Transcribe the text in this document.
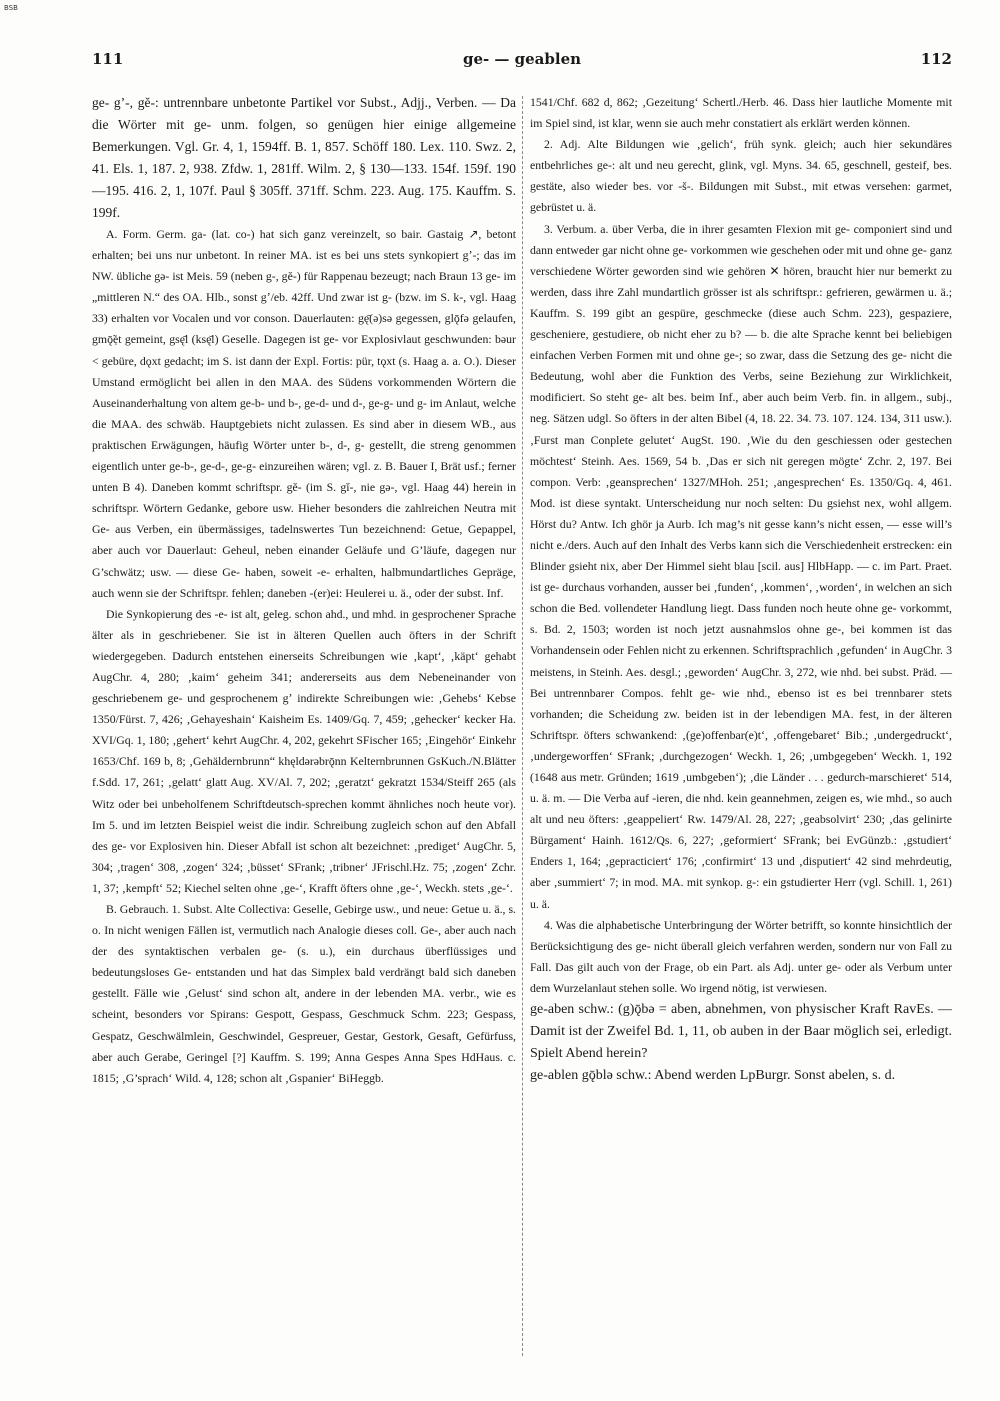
BSB
111	ge- — geablen	112

ge- gʼ-, gĕ-: untrennbare unbetonte Partikel vor Subst., Adjj., Verben. — Da die Wörter mit ge- unm. folgen, so genügen hier einige allgemeine Bemerkungen. Vgl. Gr. 4, 1, 1594ff. B. 1, 857. Schöff 180. Lex. 110. Swz. 2, 41. Els. 1, 187. 2, 938. Zfdw. 1, 281ff. Wilm. 2, § 130—133. 154f. 159f. 190—195. 416. 2, 1, 107f. Paul § 305ff. 371ff. Schm. 223. Aug. 175. Kauffm. S. 199f.

A. Form. Germ. ga- (lat. co-) hat sich ganz vereinzelt, so bair. Gastaig ↗, betont erhalten; bei uns nur unbetont. In reiner MA. ist es bei uns stets synkopiert gʼ-; das im NW. übliche gə- ist Meis. 59 (neben g-, gĕ-) für Rappenau bezeugt; nach Braun 13 ge- im „mittleren N.“ des OA. Hlb., sonst gʼ/eb. 42ff. Und zwar ist g- (bzw. im S. k-, vgl. Haag 33) erhalten vor Vocalen und vor conson. Dauerlauten: gę̄(ə)sə gegessen, glǭfə gelaufen, gmǭ̃ẹt gemeint, gsę̄l (ksę̄l) Geselle. Dagegen ist ge- vor Explosivlaut geschwunden: bəur < gebüre, dǫxt gedacht; im S. ist dann der Expl. Fortis: pür, tǫxt (s. Haag a. a. O.). Dieser Umstand ermöglicht bei allen in den MAA. des Südens vorkommenden Wörtern die Auseinanderhaltung von altem ge-b- und b-, ge-d- und d-, ge-g- und g- im Anlaut, welche die MAA. des schwäb. Hauptgebiets nicht zulassen. Es sind aber in diesem WB., aus praktischen Erwägungen, häufig Wörter unter b-, d-, g- gestellt, die streng genommen eigentlich unter ge-b-, ge-d-, ge-g- einzureihen wären; vgl. z. B. Bauer I, Brät usf.; ferner unten B 4). Daneben kommt schriftspr. gĕ- (im S. gĭ-, nie gə-, vgl. Haag 44) herein in schriftspr. Wörtern Gedanke, gebore usw. Hieher besonders die zahlreichen Neutra mit Ge- aus Verben, ein übermässiges, tadelnswertes Tun bezeichnend: Getue, Gepappel, aber auch vor Dauerlaut: Geheul, neben einander Geläufe und G’läufe, dagegen nur G’schwätz; usw. — diese Ge- haben, soweit -e- erhalten, halbmundartliches Gepräge, auch wenn sie der Schriftspr. fehlen; daneben -(er)ei: Heulerei u. ä., oder der subst. Inf.

Die Synkopierung des -e- ist alt, geleg. schon ahd., und mhd. in gesprochener Sprache älter als in geschriebener. Sie ist in älteren Quellen auch öfters in der Schrift wiedergegeben. Dadurch entstehen einerseits Schreibungen wie ‚kapt‘, ‚käpt‘ gehabt AugChr. 4, 280; ‚kaim‘ geheim 341; andererseits aus dem Nebeneinander von geschriebenem ge- und gesprochenem gʼ indirekte Schreibungen wie: ‚Gehebs‘ Kebse 1350/Fürst. 7, 426; ‚Gehayeshain‘ Kaisheim Es. 1409/Gq. 7, 459; ‚gehecker‘ kecker Ha. XVI/Gq. 1, 180; ‚gehert‘ kehrt AugChr. 4, 202, gekehrt SFischer 165; ‚Eingehör‘ Einkehr 1653/Chf. 169 b, 8; ‚Gehäldernbrunn“ khęldərəbrǭnn Kelternbrunnen GsKuch./N.Blätter f.Sdd. 17, 261; ‚gelatt‘ glatt Aug. XV/Al. 7, 202; ‚geratzt‘ gekratzt 1534/Steiff 265 (als Witz oder bei unbeholfenem Schriftdeutsch-sprechen kommt ähnliches noch heute vor). Im 5. und im letzten Beispiel weist die indir. Schreibung zugleich schon auf den Abfall des ge- vor Explosiven hin. Dieser Abfall ist schon alt bezeichnet: ‚prediget‘ AugChr. 5, 304; ‚tragen‘ 308, ‚zogen‘ 324; ‚büsset‘ SFrank; ‚tribner‘ JFrischl.Hz. 75; ‚zogen‘ Zchr. 1, 37; ‚kempft‘ 52; Kiechel selten ohne ‚ge-‘, Krafft öfters ohne ‚ge-‘, Weckh. stets ‚ge-‘.

B. Gebrauch. 1. Subst. Alte Collectiva: Geselle, Gebirge usw., und neue: Getue u. ä., s. o. In nicht wenigen Fällen ist, vermutlich nach Analogie dieses coll. Ge-, aber auch nach der des syntaktischen verbalen ge- (s. u.), ein durchaus überflüssiges und bedeutungsloses Ge- entstanden und hat das Simplex bald verdrängt bald sich daneben gestellt. Fälle wie ‚Gelust‘ sind schon alt, andere in der lebenden MA. verbr., wie es scheint, besonders vor Spirans: Gespott, Gespass, Geschmuck Schm. 223; Gespass, Gespatz, Geschwälmlein, Geschwindel, Gespreuer, Gestar, Gestork, Gesaft, Gefürfuss, aber auch Gerabe, Geringel [?] Kauffm. S. 199; Anna Gespes Anna Spes HdHaus. c. 1815; ‚G’sprach‘ Wild. 4, 128; schon alt ‚Gspanier‘ BiHeggb.

1541/Chf. 682 d, 862; ‚Gezeitung‘ Schertl./Herb. 46. Dass hier lautliche Momente mit im Spiel sind, ist klar, wenn sie auch mehr constatiert als erklärt werden können.

2. Adj. Alte Bildungen wie ‚gelich‘, früh synk. gleich; auch hier sekundäres entbehrliches ge-: alt und neu gerecht, glink, vgl. Myns. 34. 65, geschnell, gesteif, bes. gestäte, also wieder bes. vor -š-. Bildungen mit Subst., mit etwas versehen: garmet, gebrüstet u. ä.

3. Verbum. a. über Verba, die in ihrer gesamten Flexion mit ge- componiert sind und dann entweder gar nicht ohne ge- vorkommen wie geschehen oder mit und ohne ge- ganz verschiedene Wörter geworden sind wie gehören ✕ hören, braucht hier nur bemerkt zu werden, dass ihre Zahl mundartlich grösser ist als schriftspr.: gefrieren, gewärmen u. ä.; Kauffm. S. 199 gibt an gespüre, geschmecke (diese auch Schm. 223), gespaziere, gescheniere, gestudiere, ob nicht eher zu b? — b. die alte Sprache kennt bei beliebigen einfachen Verben Formen mit und ohne ge-; so zwar, dass die Setzung des ge- nicht die Bedeutung, wohl aber die Funktion des Verbs, seine Beziehung zur Wirklichkeit, modificiert. So steht ge- alt bes. beim Inf., aber auch beim Verb. fin. in allgem., subj., neg. Sätzen udgl. So öfters in der alten Bibel (4, 18. 22. 34. 73. 107. 124. 134, 311 usw.). ‚Furst man Conplete gelutet‘ AugSt. 190. ‚Wie du den geschiessen oder gestechen möchtest‘ Steinh. Aes. 1569, 54 b. ‚Das er sich nit geregen mögte‘ Zchr. 2, 197. Bei compon. Verb: ‚geansprechen‘ 1327/MHoh. 251; ‚angesprechen‘ Es. 1350/Gq. 4, 461. Mod. ist diese syntakt. Unterscheidung nur noch selten: Du gsiehst nex, wohl allgem. Hörst du? Antw. Ich ghör ja Aurb. Ich mag’s nit gesse kann’s nicht essen, — esse will’s nicht e./ders. Auch auf den Inhalt des Verbs kann sich die Verschiedenheit erstrecken: ein Blinder gsieht nix, aber Der Himmel sieht blau [scil. aus] HlbHapp. — c. im Part. Praet. ist ge- durchaus vorhanden, ausser bei ‚funden‘, ‚kommen‘, ‚worden‘, in welchen an sich schon die Bed. vollendeter Handlung liegt. Dass funden noch heute ohne ge- vorkommt, s. Bd. 2, 1503; worden ist noch jetzt ausnahmslos ohne ge-, bei kommen ist das Vorhandensein oder Fehlen nicht zu erkennen. Schriftsprachlich ‚gefunden‘ in AugChr. 3 meistens, in Steinh. Aes. desgl.; ‚geworden‘ AugChr. 3, 272, wie nhd. bei subst. Präd. — Bei untrennbarer Compos. fehlt ge- wie nhd., ebenso ist es bei trennbarer stets vorhanden; die Scheidung zw. beiden ist in der lebendigen MA. fest, in der älteren Schriftspr. öfters schwankend: ‚(ge)offenbar(e)t‘, ‚offengebaret‘ Bib.; ‚undergedruckt‘, ‚undergeworffen‘ SFrank; ‚durchgezogen‘ Weckh. 1, 26; ‚umbgegeben‘ Weckh. 1, 192 (1648 aus metr. Gründen; 1619 ‚umbgeben‘); ‚die Länder . . . gedurch-marschieret‘ 514, u. ä. m. — Die Verba auf -ieren, die nhd. kein geannehmen, zeigen es, wie mhd., so auch alt und neu öfters: ‚geappeliert‘ Rw. 1479/Al. 28, 227; ‚geabsolvirt‘ 230; ‚das gelinirte Bürgament‘ Hainh. 1612/Qs. 6, 227; ‚geformiert‘ SFrank; bei EvGünzb.: ‚gstudiert‘ Enders 1, 164; ‚gepracticiert‘ 176; ‚confirmirt‘ 13 und ‚disputiert‘ 42 sind mehrdeutig, aber ‚summiert‘ 7; in mod. MA. mit synkop. g-: ein gstudierter Herr (vgl. Schill. 1, 261) u. ä.

4. Was die alphabetische Unterbringung der Wörter betrifft, so konnte hinsichtlich der Berücksichtigung des ge- nicht überall gleich verfahren werden, sondern nur von Fall zu Fall. Das gilt auch von der Frage, ob ein Part. als Adj. unter ge- oder als Verbum unter dem Wurzelanlaut stehen solle. Wo irgend nötig, ist verwiesen.

ge-aben schw.: (g)ǭbə = aben, abnehmen, von physischer Kraft RavEs. — Damit ist der Zweifel Bd. 1, 11, ob auben in der Baar möglich sei, erledigt. Spielt Abend herein?

ge-ablen gǭblə schw.: Abend werden LpBurgr. Sonst abelen, s. d.
